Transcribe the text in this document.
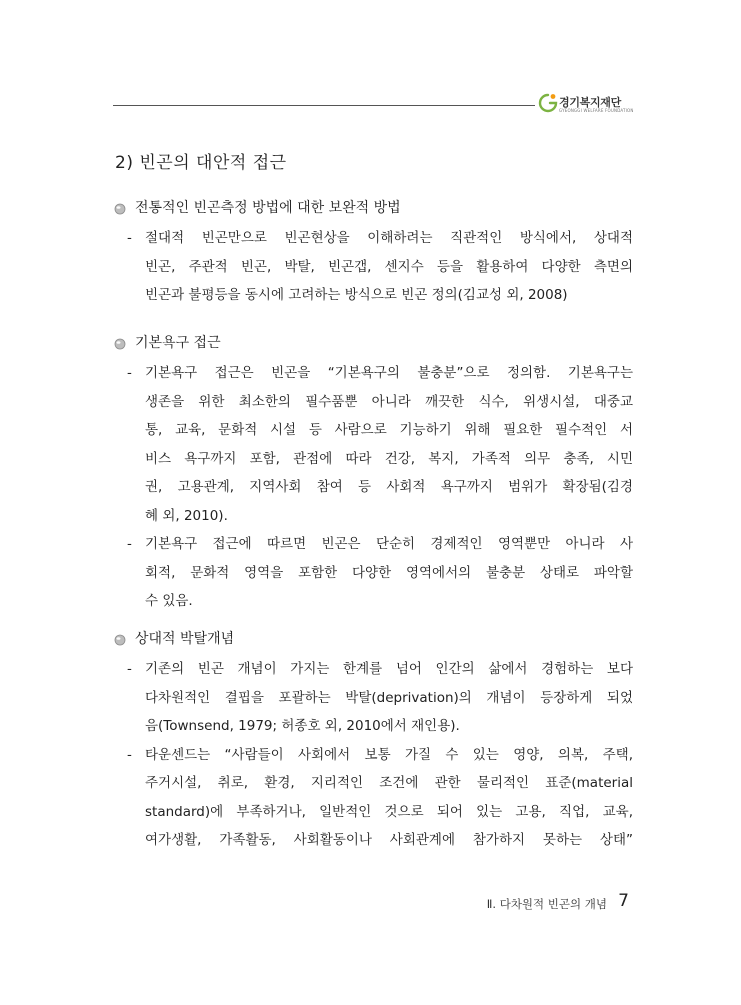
경기복지재단
GYEONGGI WELFARE FOUNDATION
2) 빈곤의 대안적 접근
전통적인 빈곤측정 방법에 대한 보완적 방법
- 절대적 빈곤만으로 빈곤현상을 이해하려는 직관적인 방식에서, 상대적
빈곤, 주관적 빈곤, 박탈, 빈곤갭, 센지수 등을 활용하여 다양한 측면의
빈곤과 불평등을 동시에 고려하는 방식으로 빈곤 정의(김교성 외, 2008)
기본욕구 접근
- 기본욕구 접근은 빈곤을 “기본욕구의 불충분”으로 정의함. 기본욕구는
생존을 위한 최소한의 필수품뿐 아니라 깨끗한 식수, 위생시설, 대중교
통, 교육, 문화적 시설 등 사람으로 기능하기 위해 필요한 필수적인 서
비스 욕구까지 포함, 관점에 따라 건강, 복지, 가족적 의무 충족, 시민
권, 고용관계, 지역사회 참여 등 사회적 욕구까지 범위가 확장됨(김경
혜 외, 2010).
- 기본욕구 접근에 따르면 빈곤은 단순히 경제적인 영역뿐만 아니라 사
회적, 문화적 영역을 포함한 다양한 영역에서의 불충분 상태로 파악할
수 있음.
상대적 박탈개념
- 기존의 빈곤 개념이 가지는 한계를 넘어 인간의 삶에서 경험하는 보다
다차원적인 결핍을 포괄하는 박탈(deprivation)의 개념이 등장하게 되었
음(Townsend, 1979; 허종호 외, 2010에서 재인용).
- 타운센드는 “사람들이 사회에서 보통 가질 수 있는 영양, 의복, 주택,
주거시설, 취로, 환경, 지리적인 조건에 관한 물리적인 표준(material
standard)에 부족하거나, 일반적인 것으로 되어 있는 고용, 직업, 교육,
여가생활, 가족활동, 사회활동이나 사회관계에 참가하지 못하는 상태”
Ⅱ. 다차원적 빈곤의 개념 7
